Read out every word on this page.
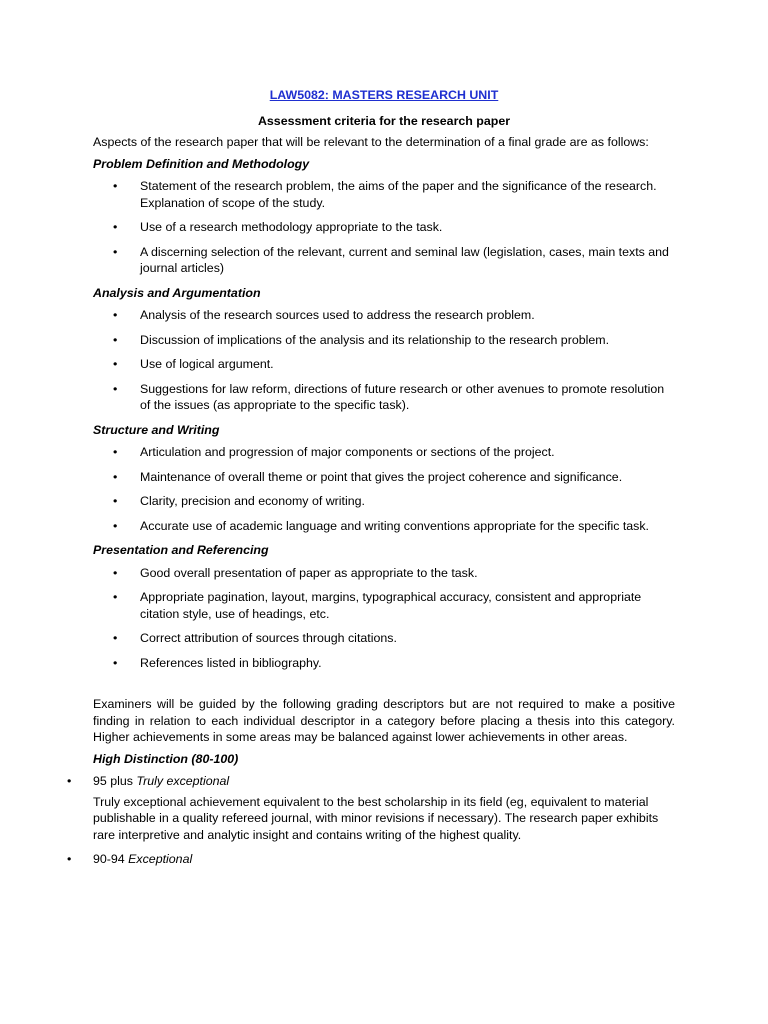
LAW5082: MASTERS RESEARCH UNIT
Assessment criteria for the research paper
Aspects of the research paper that will be relevant to the determination of a final grade are as follows:
Problem Definition and Methodology
• Statement of the research problem, the aims of the paper and the significance of the research. Explanation of scope of the study.
• Use of a research methodology appropriate to the task.
• A discerning selection of the relevant, current and seminal law (legislation, cases, main texts and journal articles)
Analysis and Argumentation
• Analysis of the research sources used to address the research problem.
• Discussion of implications of the analysis and its relationship to the research problem.
• Use of logical argument.
• Suggestions for law reform, directions of future research or other avenues to promote resolution of the issues (as appropriate to the specific task).
Structure and Writing
• Articulation and progression of major components or sections of the project.
• Maintenance of overall theme or point that gives the project coherence and significance.
• Clarity, precision and economy of writing.
• Accurate use of academic language and writing conventions appropriate for the specific task.
Presentation and Referencing
• Good overall presentation of paper as appropriate to the task.
• Appropriate pagination, layout, margins, typographical accuracy, consistent and appropriate citation style, use of headings, etc.
• Correct attribution of sources through citations.
• References listed in bibliography.
Examiners will be guided by the following grading descriptors but are not required to make a positive finding in relation to each individual descriptor in a category before placing a thesis into this category. Higher achievements in some areas may be balanced against lower achievements in other areas.
High Distinction (80-100)
• 95 plus Truly exceptional
Truly exceptional achievement equivalent to the best scholarship in its field (eg, equivalent to material publishable in a quality refereed journal, with minor revisions if necessary). The research paper exhibits rare interpretive and analytic insight and contains writing of the highest quality.
• 90-94 Exceptional
